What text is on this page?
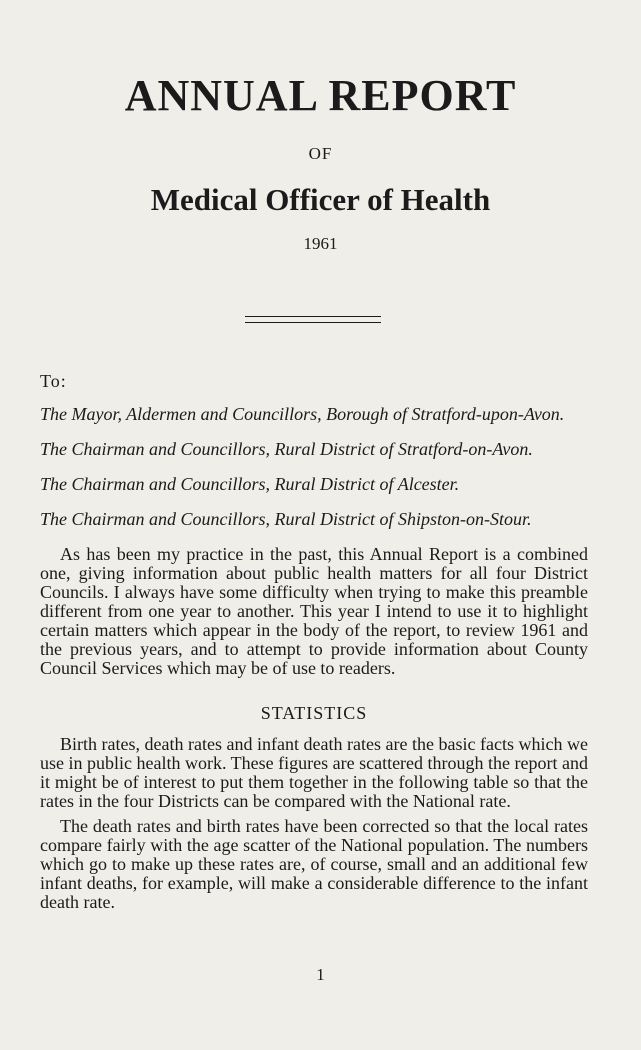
ANNUAL REPORT
OF
Medical Officer of Health
1961
To:

The Mayor, Aldermen and Councillors, Borough of Stratford-upon-Avon.

The Chairman and Councillors, Rural District of Stratford-on-Avon.

The Chairman and Councillors, Rural District of Alcester.

The Chairman and Councillors, Rural District of Shipston-on-Stour.

As has been my practice in the past, this Annual Report is a combined one, giving information about public health matters for all four District Councils. I always have some difficulty when trying to make this preamble different from one year to another. This year I intend to use it to highlight certain matters which appear in the body of the report, to review 1961 and the previous years, and to attempt to provide information about County Council Services which may be of use to readers.

STATISTICS

Birth rates, death rates and infant death rates are the basic facts which we use in public health work. These figures are scattered through the report and it might be of interest to put them together in the following table so that the rates in the four Districts can be compared with the National rate.

The death rates and birth rates have been corrected so that the local rates compare fairly with the age scatter of the National population. The numbers which go to make up these rates are, of course, small and an additional few infant deaths, for example, will make a considerable difference to the infant death rate.

1
